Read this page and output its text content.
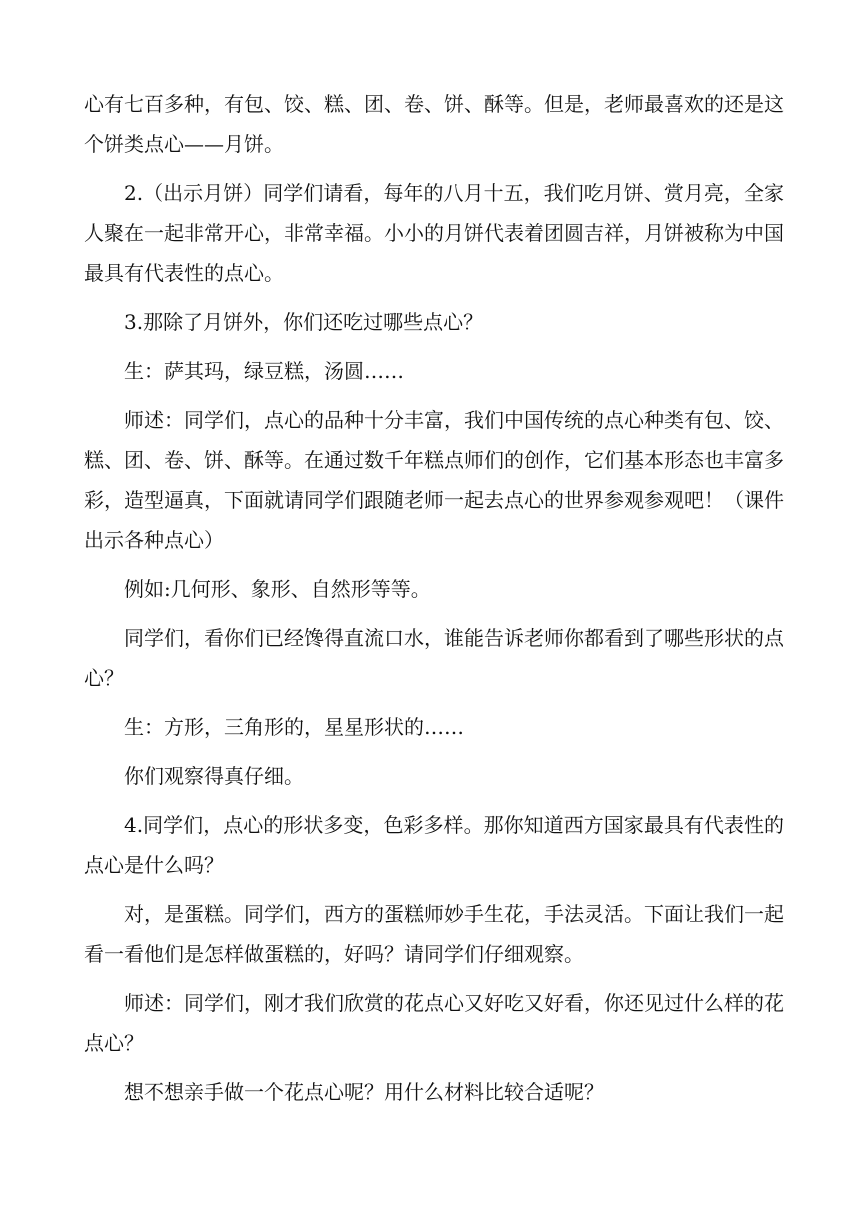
心有七百多种，有包、饺、糕、团、卷、饼、酥等。但是，老师最喜欢的还是这个饼类点心——月饼。

2.（出示月饼）同学们请看，每年的八月十五，我们吃月饼、赏月亮，全家人聚在一起非常开心，非常幸福。小小的月饼代表着团圆吉祥，月饼被称为中国最具有代表性的点心。

3.那除了月饼外，你们还吃过哪些点心？

生：萨其玛，绿豆糕，汤圆……

师述：同学们，点心的品种十分丰富，我们中国传统的点心种类有包、饺、糕、团、卷、饼、酥等。在通过数千年糕点师们的创作，它们基本形态也丰富多彩，造型逼真，下面就请同学们跟随老师一起去点心的世界参观参观吧！（课件出示各种点心）

例如:几何形、象形、自然形等等。

同学们，看你们已经馋得直流口水，谁能告诉老师你都看到了哪些形状的点心？

生：方形，三角形的，星星形状的……

你们观察得真仔细。

4.同学们，点心的形状多变，色彩多样。那你知道西方国家最具有代表性的点心是什么吗？

对，是蛋糕。同学们，西方的蛋糕师妙手生花，手法灵活。下面让我们一起看一看他们是怎样做蛋糕的，好吗？请同学们仔细观察。

师述：同学们，刚才我们欣赏的花点心又好吃又好看，你还见过什么样的花点心？

想不想亲手做一个花点心呢？用什么材料比较合适呢？
